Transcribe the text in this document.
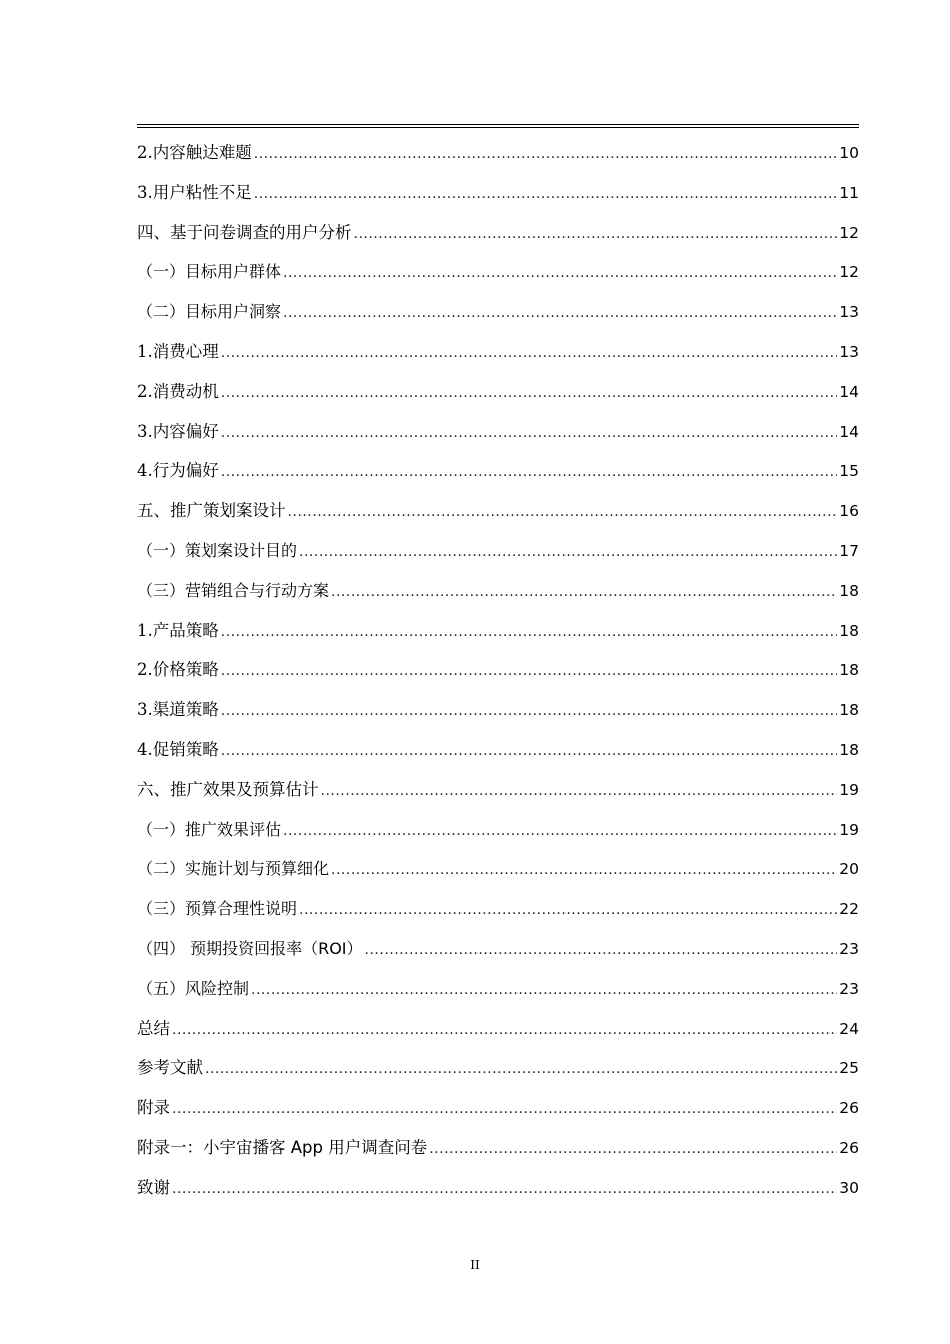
2.内容触达难题 .....	10
3.用户粘性不足 .....	11
四、基于问卷调查的用户分析 .....	12
（一）目标用户群体 .....	12
（二）目标用户洞察 .....	13
1.消费心理 .....	13
2.消费动机 .....	14
3.内容偏好 .....	14
4.行为偏好 .....	15
五、推广策划案设计 .....	16
（一）策划案设计目的 .....	17
（三）营销组合与行动方案 .....	18
1.产品策略 .....	18
2.价格策略 .....	18
3.渠道策略 .....	18
4.促销策略 .....	18
六、推广效果及预算估计 .....	19
（一）推广效果评估 .....	19
（二）实施计划与预算细化 .....	20
（三）预算合理性说明 .....	22
（四） 预期投资回报率（ROI） .....	23
（五）风险控制 .....	23
总结 .....	24
参考文献 .....	25
附录 .....	26
附录一：小宇宙播客 App 用户调查问卷 .....	26
致谢 .....	30
II
